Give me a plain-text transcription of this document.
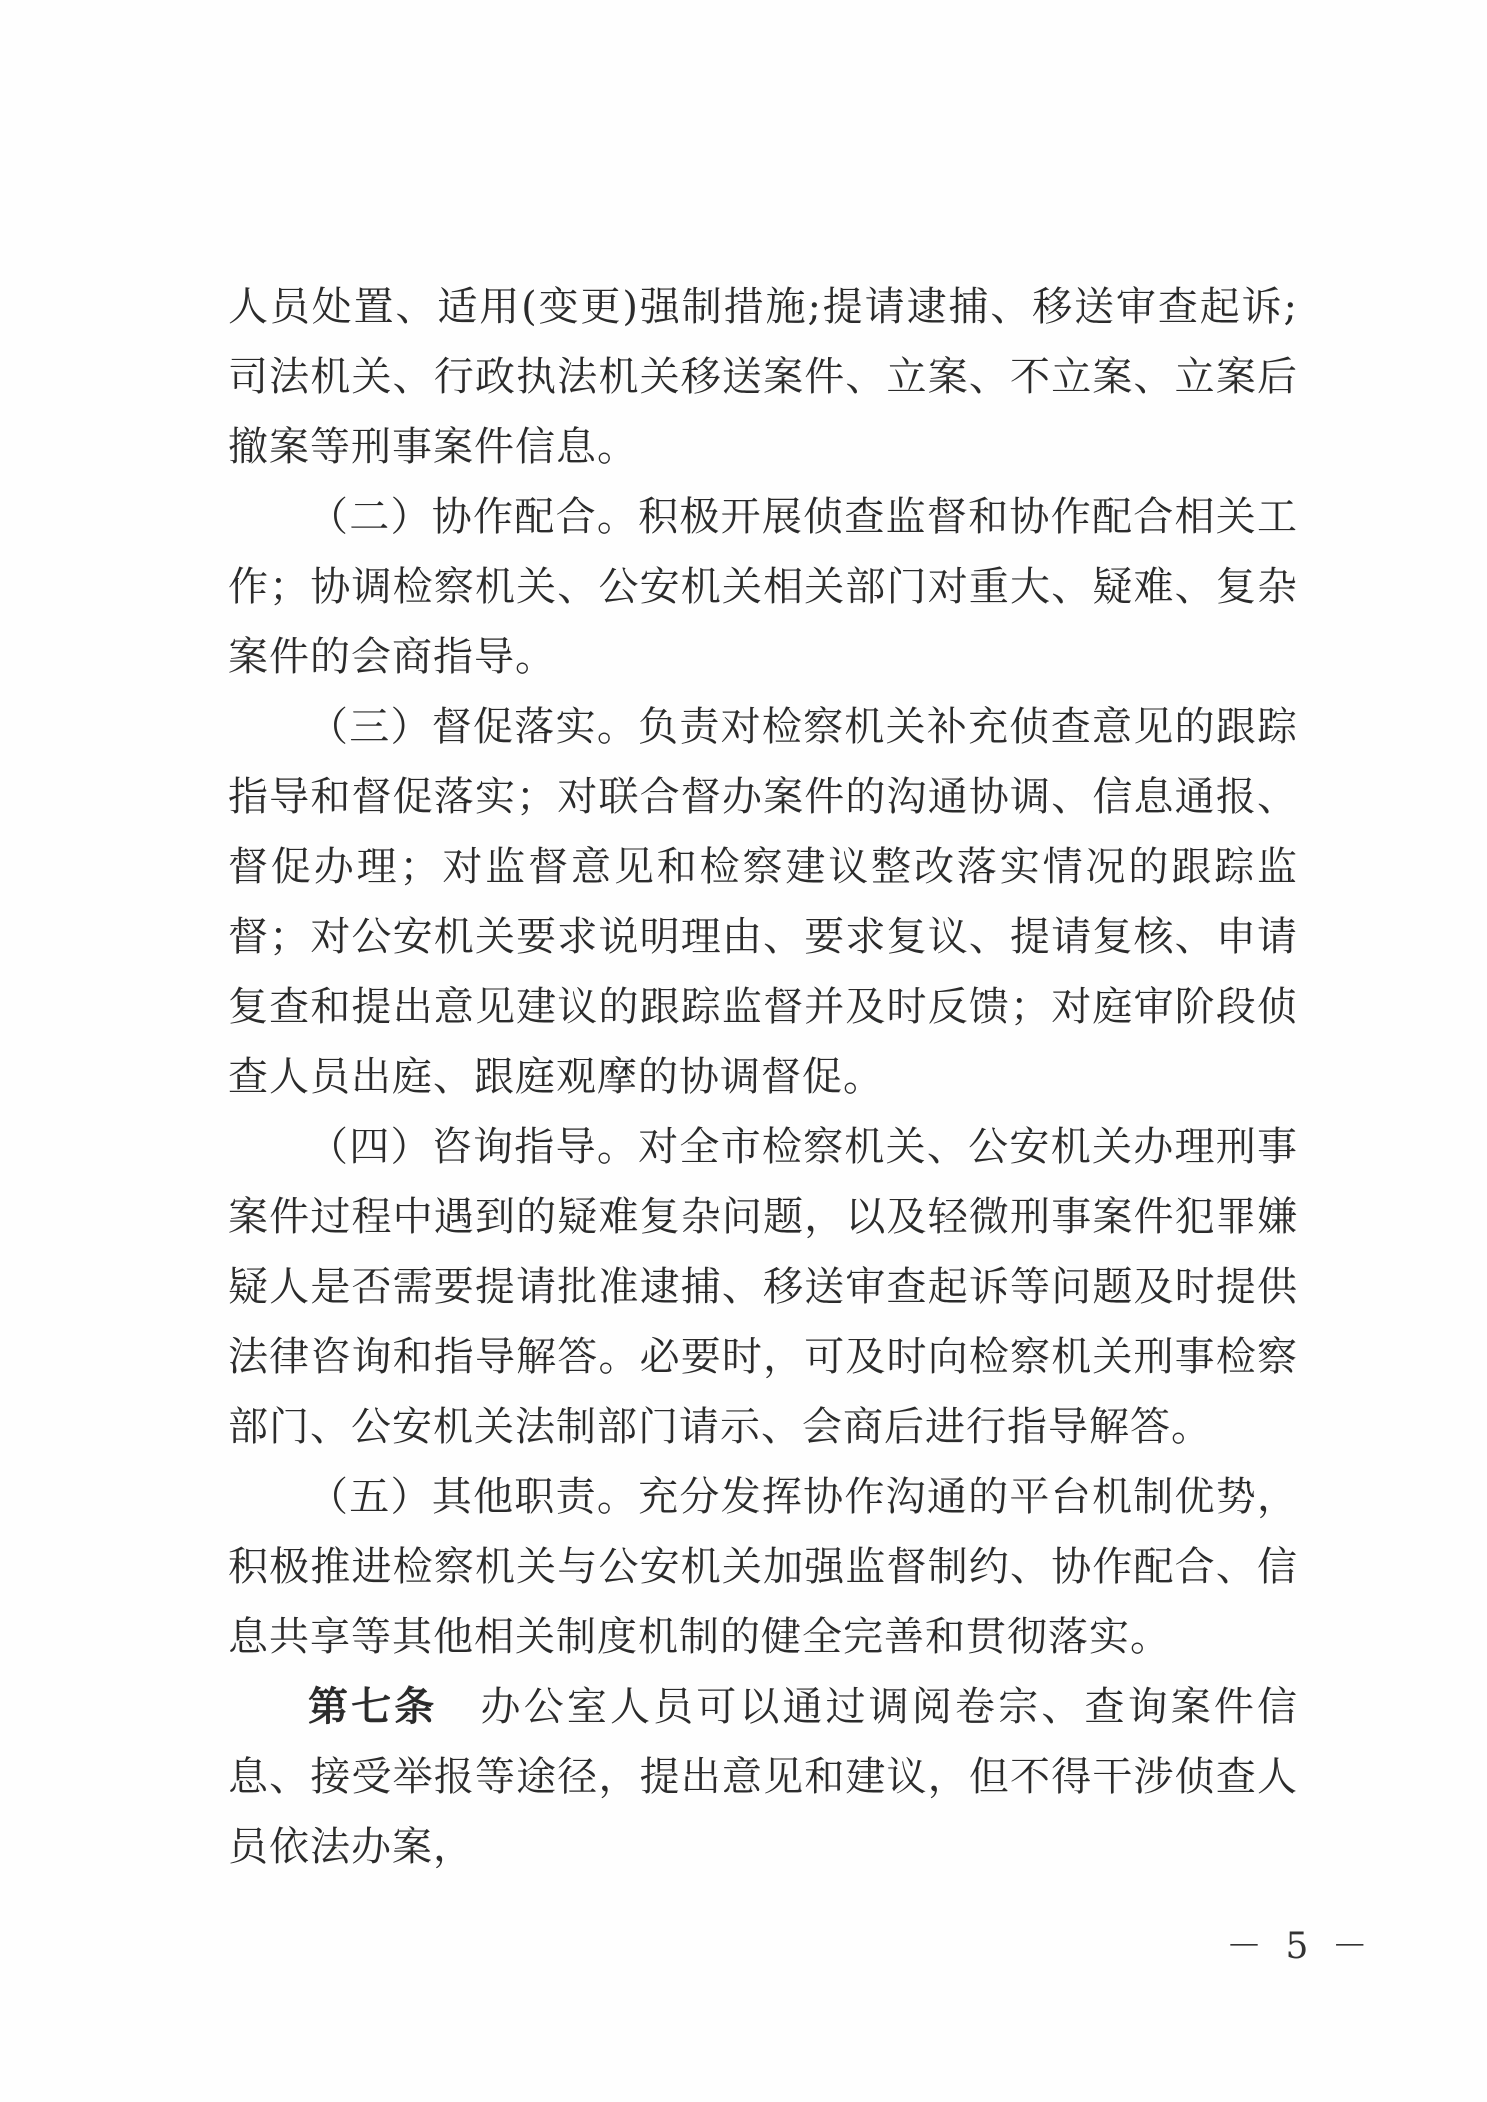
人员处置、适用(变更)强制措施;提请逮捕、移送审查起诉;司法机关、行政执法机关移送案件、立案、不立案、立案后撤案等刑事案件信息。

（二）协作配合。积极开展侦查监督和协作配合相关工作；协调检察机关、公安机关相关部门对重大、疑难、复杂案件的会商指导。

（三）督促落实。负责对检察机关补充侦查意见的跟踪指导和督促落实；对联合督办案件的沟通协调、信息通报、督促办理；对监督意见和检察建议整改落实情况的跟踪监督；对公安机关要求说明理由、要求复议、提请复核、申请复查和提出意见建议的跟踪监督并及时反馈；对庭审阶段侦查人员出庭、跟庭观摩的协调督促。

（四）咨询指导。对全市检察机关、公安机关办理刑事案件过程中遇到的疑难复杂问题，以及轻微刑事案件犯罪嫌疑人是否需要提请批准逮捕、移送审查起诉等问题及时提供法律咨询和指导解答。必要时，可及时向检察机关刑事检察部门、公安机关法制部门请示、会商后进行指导解答。

（五）其他职责。充分发挥协作沟通的平台机制优势，积极推进检察机关与公安机关加强监督制约、协作配合、信息共享等其他相关制度机制的健全完善和贯彻落实。

第七条  办公室人员可以通过调阅卷宗、查询案件信息、接受举报等途径，提出意见和建议，但不得干涉侦查人员依法办案，

－ 5 －
